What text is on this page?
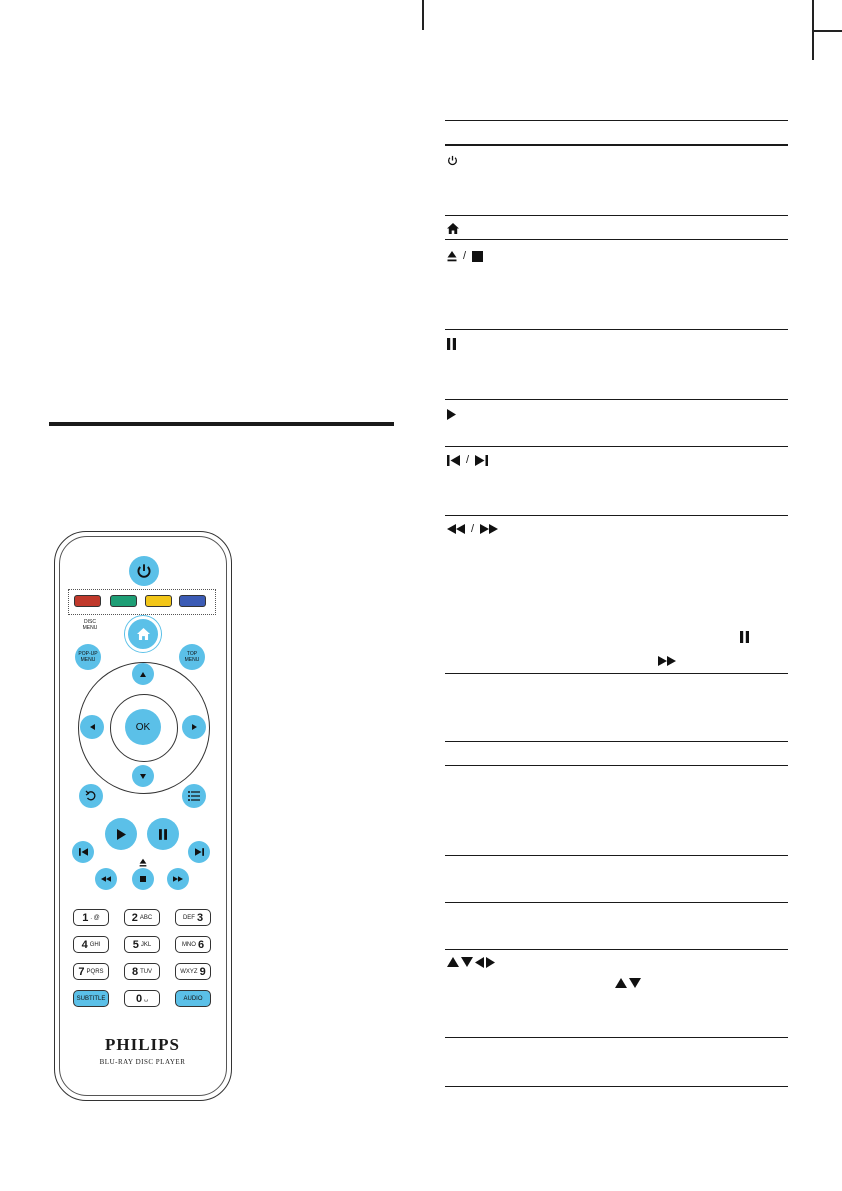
/
/
/
DISC
MENU
POP-UP
MENU
TOP
MENU
OK
1 . @	2 ABC	DEF 3
4 GHI	5 JKL	MNO 6
7 PQRS	8 TUV	WXYZ 9
SUBTITLE	0 ␣	AUDIO
PHILIPS
BLU-RAY DISC PLAYER
